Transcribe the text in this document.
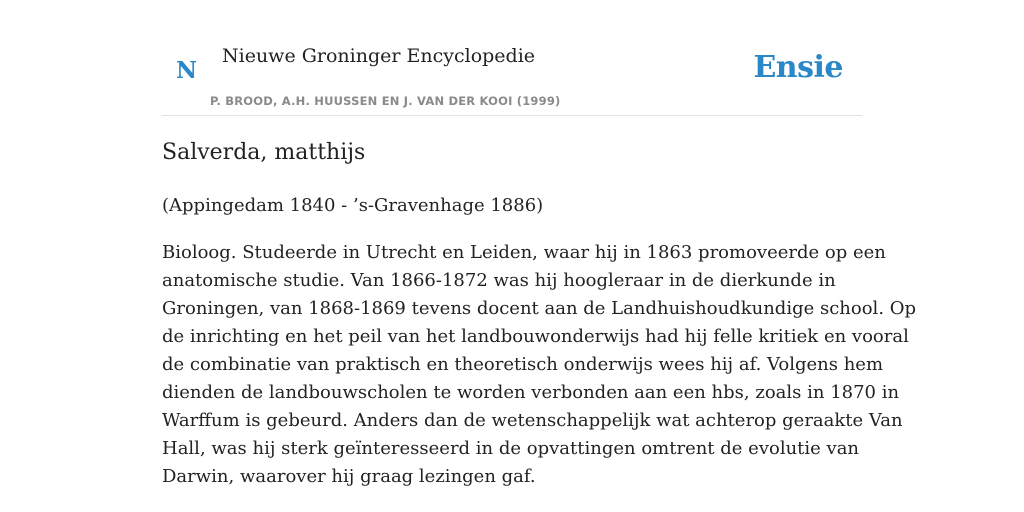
N
Nieuwe Groninger Encyclopedie
P. BROOD, A.H. HUUSSEN EN J. VAN DER KOOI (1999)
Ensie
Salverda, matthijs

(Appingedam 1840 - ’s-Gravenhage 1886)

Bioloog. Studeerde in Utrecht en Leiden, waar hij in 1863 promoveerde op een
anatomische studie. Van 1866-1872 was hij hoogleraar in de dierkunde in
Groningen, van 1868-1869 tevens docent aan de Landhuishoudkundige school. Op
de inrichting en het peil van het landbouwonderwijs had hij felle kritiek en vooral
de combinatie van praktisch en theoretisch onderwijs wees hij af. Volgens hem
dienden de landbouwscholen te worden verbonden aan een hbs, zoals in 1870 in
Warffum is gebeurd. Anders dan de wetenschappelijk wat achterop geraakte Van
Hall, was hij sterk geïnteresseerd in de opvattingen omtrent de evolutie van
Darwin, waarover hij graag lezingen gaf.
